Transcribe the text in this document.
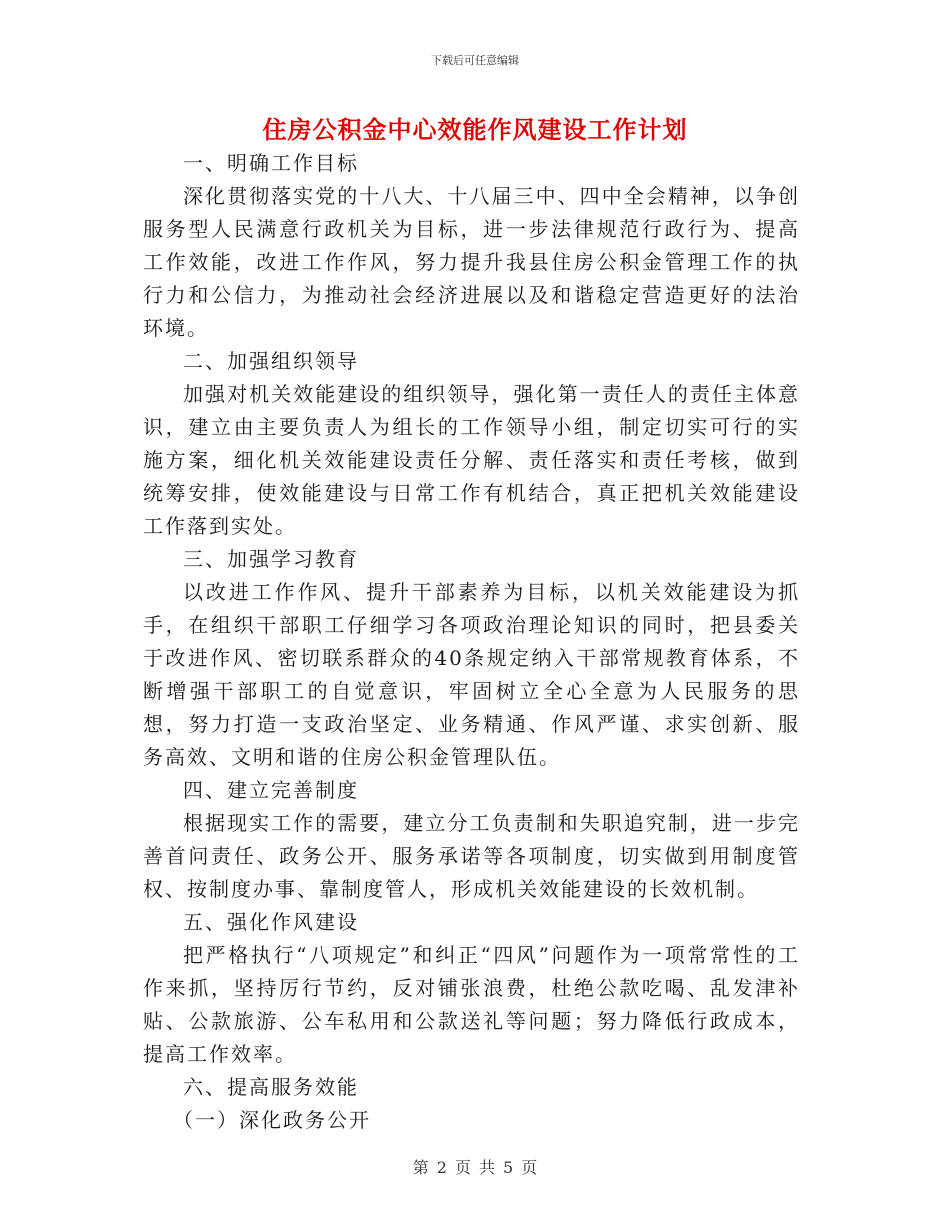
下载后可任意编辑
住房公积金中心效能作风建设工作计划

一、明确工作目标

深化贯彻落实党的十八大、十八届三中、四中全会精神，以争创服务型人民满意行政机关为目标，进一步法律规范行政行为、提高工作效能，改进工作作风，努力提升我县住房公积金管理工作的执行力和公信力，为推动社会经济进展以及和谐稳定营造更好的法治环境。

二、加强组织领导

加强对机关效能建设的组织领导，强化第一责任人的责任主体意识，建立由主要负责人为组长的工作领导小组，制定切实可行的实施方案，细化机关效能建设责任分解、责任落实和责任考核，做到统筹安排，使效能建设与日常工作有机结合，真正把机关效能建设工作落到实处。

三、加强学习教育

以改进工作作风、提升干部素养为目标，以机关效能建设为抓手，在组织干部职工仔细学习各项政治理论知识的同时，把县委关于改进作风、密切联系群众的40条规定纳入干部常规教育体系，不断增强干部职工的自觉意识，牢固树立全心全意为人民服务的思想，努力打造一支政治坚定、业务精通、作风严谨、求实创新、服务高效、文明和谐的住房公积金管理队伍。

四、建立完善制度

根据现实工作的需要，建立分工负责制和失职追究制，进一步完善首问责任、政务公开、服务承诺等各项制度，切实做到用制度管权、按制度办事、靠制度管人，形成机关效能建设的长效机制。

五、强化作风建设

把严格执行“八项规定”和纠正“四风”问题作为一项常常性的工作来抓，坚持厉行节约，反对铺张浪费，杜绝公款吃喝、乱发津补贴、公款旅游、公车私用和公款送礼等问题；努力降低行政成本，提高工作效率。

六、提高服务效能

（一）深化政务公开

第 2 页 共 5 页
